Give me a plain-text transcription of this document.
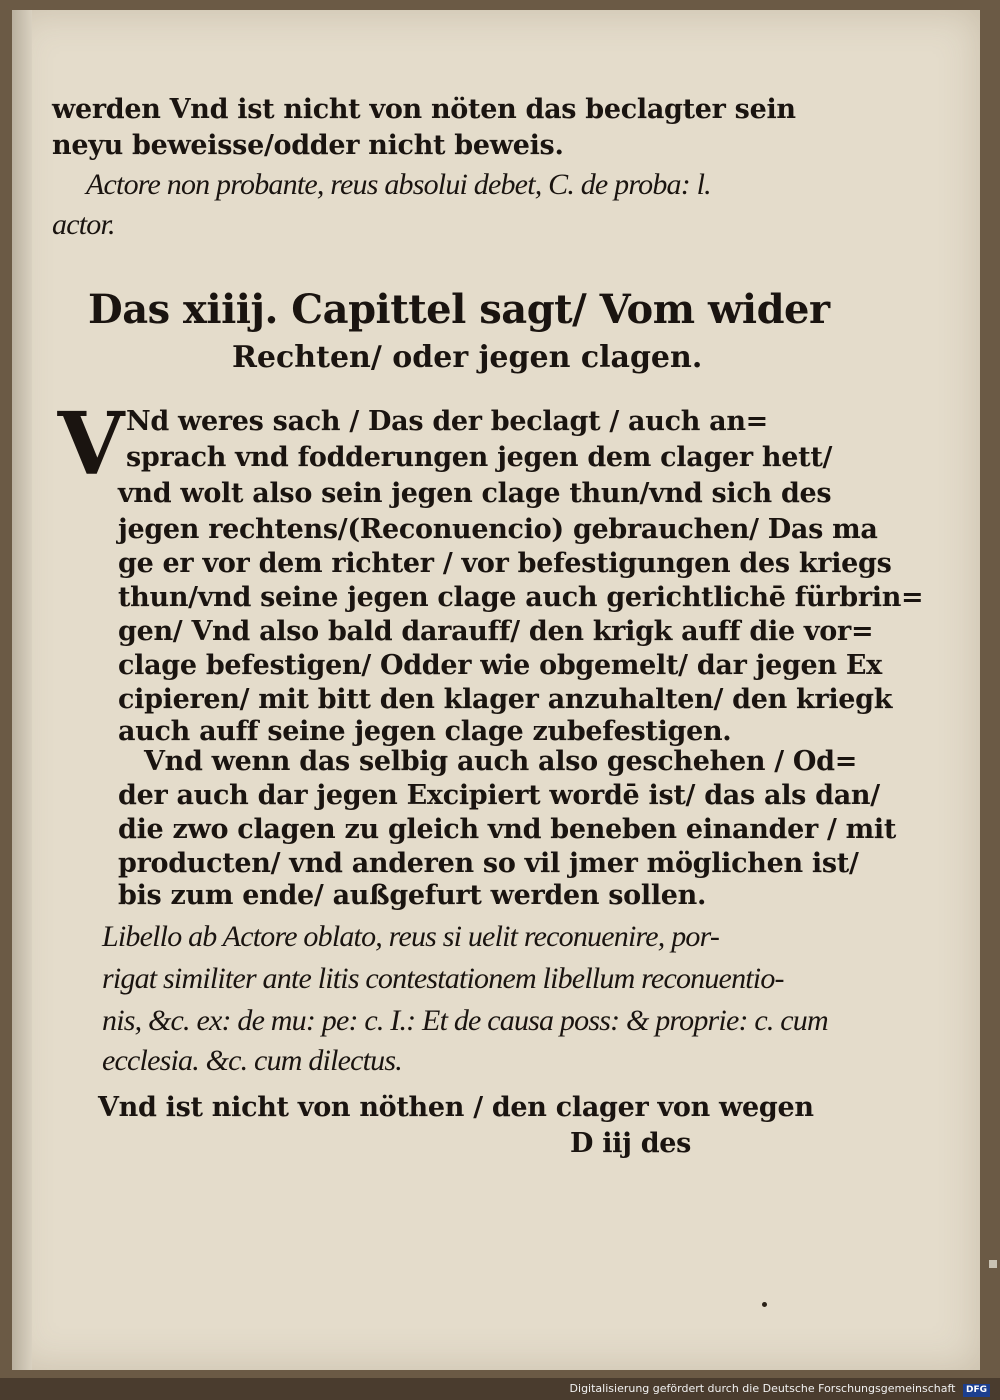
werden Vnd ist nicht von nöten das beclagter sein
neyu beweisse/odder nicht beweis.
Actore non probante, reus absolui debet, C. de proba: l.
actor.
Das xiiij. Capittel sagt/ Vom wider
Rechten/ oder jegen clagen.
V Nd weres sach / Das der beclagt / auch an=
sprach vnd fodderungen jegen dem clager hett/
vnd wolt also sein jegen clage thun/vnd sich des
jegen rechtens/(Reconuencio) gebrauchen/ Das ma
ge er vor dem richter / vor befestigungen des kriegs
thun/vnd seine jegen clage auch gerichtlichē fürbrin=
gen/ Vnd also bald darauff/ den krigk auff die vor=
clage befestigen/ Odder wie obgemelt/ dar jegen Ex
cipieren/ mit bitt den klager anzuhalten/ den kriegk
auch auff seine jegen clage zubefestigen.
Vnd wenn das selbig auch also geschehen / Od=
der auch dar jegen Excipiert wordē ist/ das als dan/
die zwo clagen zu gleich vnd beneben einander / mit
producten/ vnd anderen so vil jmer möglichen ist/
bis zum ende/ außgefurt werden sollen.
Libello ab Actore oblato, reus si uelit reconuenire, por-
rigat similiter ante litis contestationem libellum reconuentio-
nis, &c. ex: de mu: pe: c. I.: Et de causa poss: & proprie: c. cum
ecclesia. &c. cum dilectus.
Vnd ist nicht von nöthen / den clager von wegen
D iij des
Digitalisierung gefördert durch die Deutsche Forschungsgemeinschaft DFG
